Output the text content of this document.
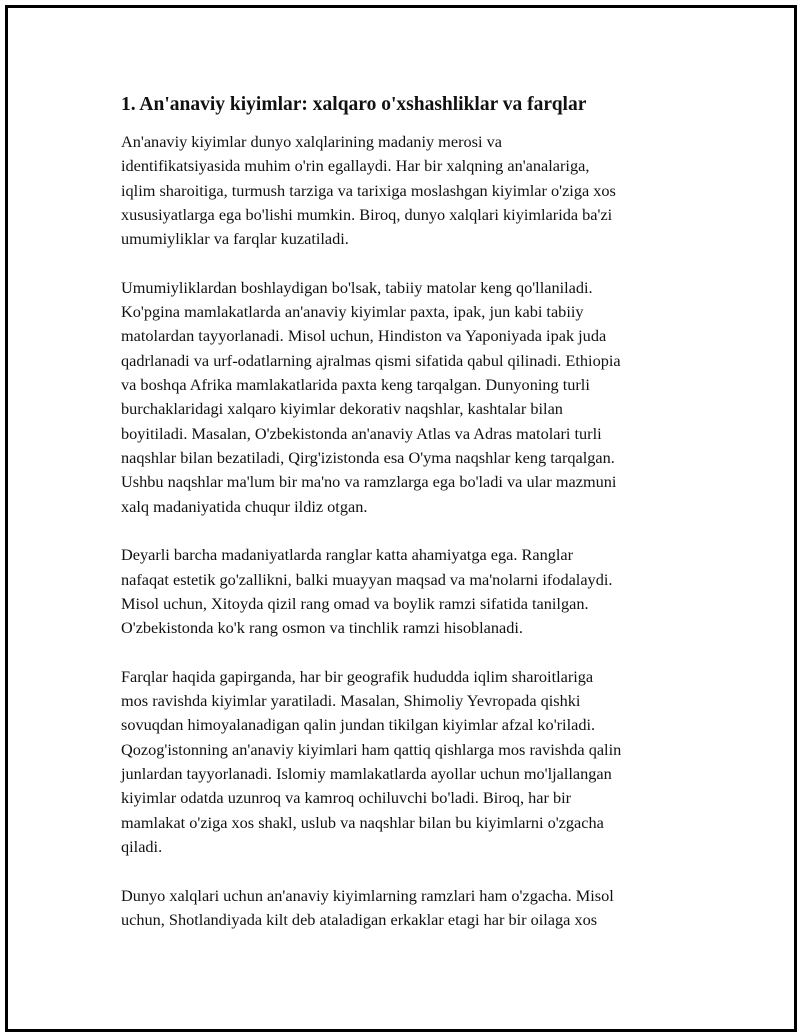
1. An'anaviy kiyimlar: xalqaro o'xshashliklar va farqlar

An'anaviy kiyimlar dunyo xalqlarining madaniy merosi va
identifikatsiyasida muhim o'rin egallaydi. Har bir xalqning an'analariga,
iqlim sharoitiga, turmush tarziga va tarixiga moslashgan kiyimlar o'ziga xos
xususiyatlarga ega bo'lishi mumkin. Biroq, dunyo xalqlari kiyimlarida ba'zi
umumiyliklar va farqlar kuzatiladi.

Umumiyliklardan boshlaydigan bo'lsak, tabiiy matolar keng qo'llaniladi.
Ko'pgina mamlakatlarda an'anaviy kiyimlar paxta, ipak, jun kabi tabiiy
matolardan tayyorlanadi. Misol uchun, Hindiston va Yaponiyada ipak juda
qadrlanadi va urf-odatlarning ajralmas qismi sifatida qabul qilinadi. Ethiopia
va boshqa Afrika mamlakatlarida paxta keng tarqalgan. Dunyoning turli
burchaklaridagi xalqaro kiyimlar dekorativ naqshlar, kashtalar bilan
boyitiladi. Masalan, O'zbekistonda an'anaviy Atlas va Adras matolari turli
naqshlar bilan bezatiladi, Qirg'izistonda esa O'yma naqshlar keng tarqalgan.
Ushbu naqshlar ma'lum bir ma'no va ramzlarga ega bo'ladi va ular mazmuni
xalq madaniyatida chuqur ildiz otgan.

Deyarli barcha madaniyatlarda ranglar katta ahamiyatga ega. Ranglar
nafaqat estetik go'zallikni, balki muayyan maqsad va ma'nolarni ifodalaydi.
Misol uchun, Xitoyda qizil rang omad va boylik ramzi sifatida tanilgan.
O'zbekistonda ko'k rang osmon va tinchlik ramzi hisoblanadi.

Farqlar haqida gapirganda, har bir geografik hududda iqlim sharoitlariga
mos ravishda kiyimlar yaratiladi. Masalan, Shimoliy Yevropada qishki
sovuqdan himoyalanadigan qalin jundan tikilgan kiyimlar afzal ko'riladi.
Qozog'istonning an'anaviy kiyimlari ham qattiq qishlarga mos ravishda qalin
junlardan tayyorlanadi. Islomiy mamlakatlarda ayollar uchun mo'ljallangan
kiyimlar odatda uzunroq va kamroq ochiluvchi bo'ladi. Biroq, har bir
mamlakat o'ziga xos shakl, uslub va naqshlar bilan bu kiyimlarni o'zgacha
qiladi.

Dunyo xalqlari uchun an'anaviy kiyimlarning ramzlari ham o'zgacha. Misol
uchun, Shotlandiyada kilt deb ataladigan erkaklar etagi har bir oilaga xos
